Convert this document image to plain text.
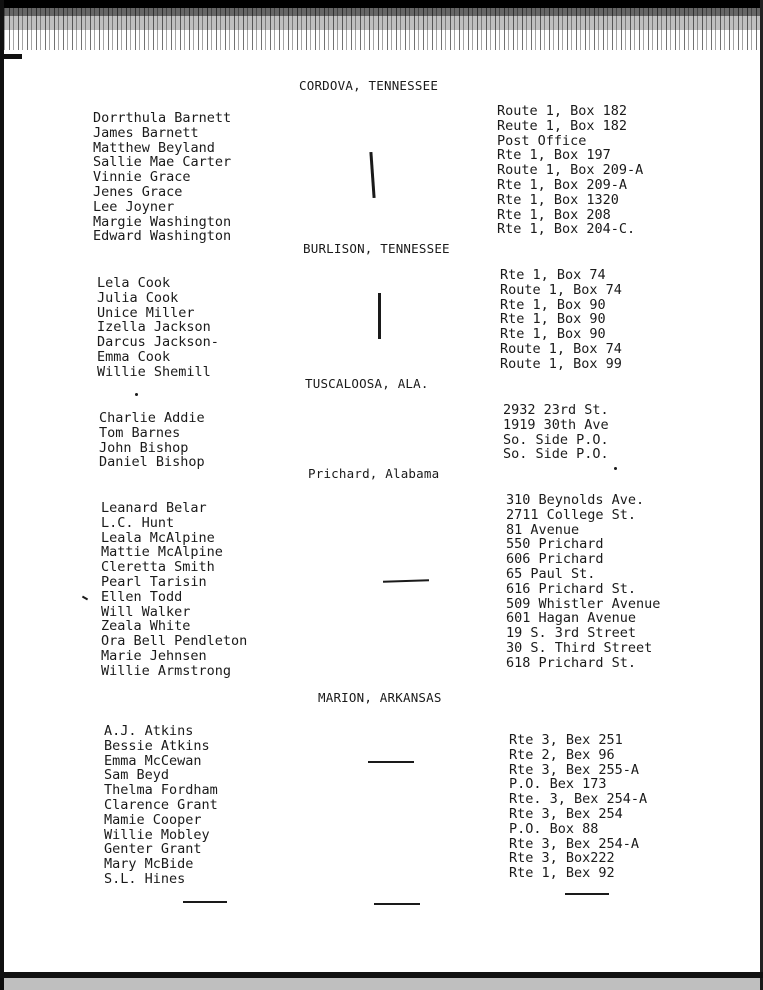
CORDOVA, TENNESSEE
Dorrthula Barnett
James Barnett
Matthew Beyland
Sallie Mae Carter
Vinnie Grace
Jenes Grace
Lee Joyner
Margie Washington
Edward Washington
Route 1, Box 182
Reute 1, Box 182
Post Office
Rte 1, Box 197
Route 1, Box 209-A
Rte 1, Box 209-A
Rte 1, Box 1320
Rte 1, Box 208
Rte 1, Box 204-C.
BURLISON, TENNESSEE
Lela Cook
Julia Cook
Unice Miller
Izella Jackson
Darcus Jackson-
Emma Cook
Willie Shemill
Rte 1, Box 74
Route 1, Box 74
Rte 1, Box 90
Rte 1, Box 90
Rte 1, Box 90
Route 1, Box 74
Route 1, Box 99
TUSCALOOSA, ALA.
Charlie Addie
Tom Barnes
John Bishop
Daniel Bishop
2932 23rd St.
1919 30th Ave
So. Side P.O.
So. Side P.O.
Prichard, Alabama
Leanard Belar
L.C. Hunt
Leala McAlpine
Mattie McAlpine
Cleretta Smith
Pearl Tarisin
Ellen Todd
Will Walker
Zeala White
Ora Bell Pendleton
Marie Jehnsen
Willie Armstrong
310 Beynolds Ave.
2711 College St.
81 Avenue
550 Prichard
606 Prichard
65 Paul St.
616 Prichard St.
509 Whistler Avenue
601 Hagan Avenue
19 S. 3rd Street
30 S. Third Street
618 Prichard St.
MARION, ARKANSAS
A.J. Atkins
Bessie Atkins
Emma McCewan
Sam Beyd
Thelma Fordham
Clarence Grant
Mamie Cooper
Willie Mobley
Genter Grant
Mary McBide
S.L. Hines
Rte 3, Bex 251
Rte 2, Bex 96
Rte 3, Bex 255-A
P.O. Bex 173
Rte. 3, Bex 254-A
Rte 3, Bex 254
P.O. Box 88
Rte 3, Bex 254-A
Rte 3, Box222
Rte 1, Bex 92
